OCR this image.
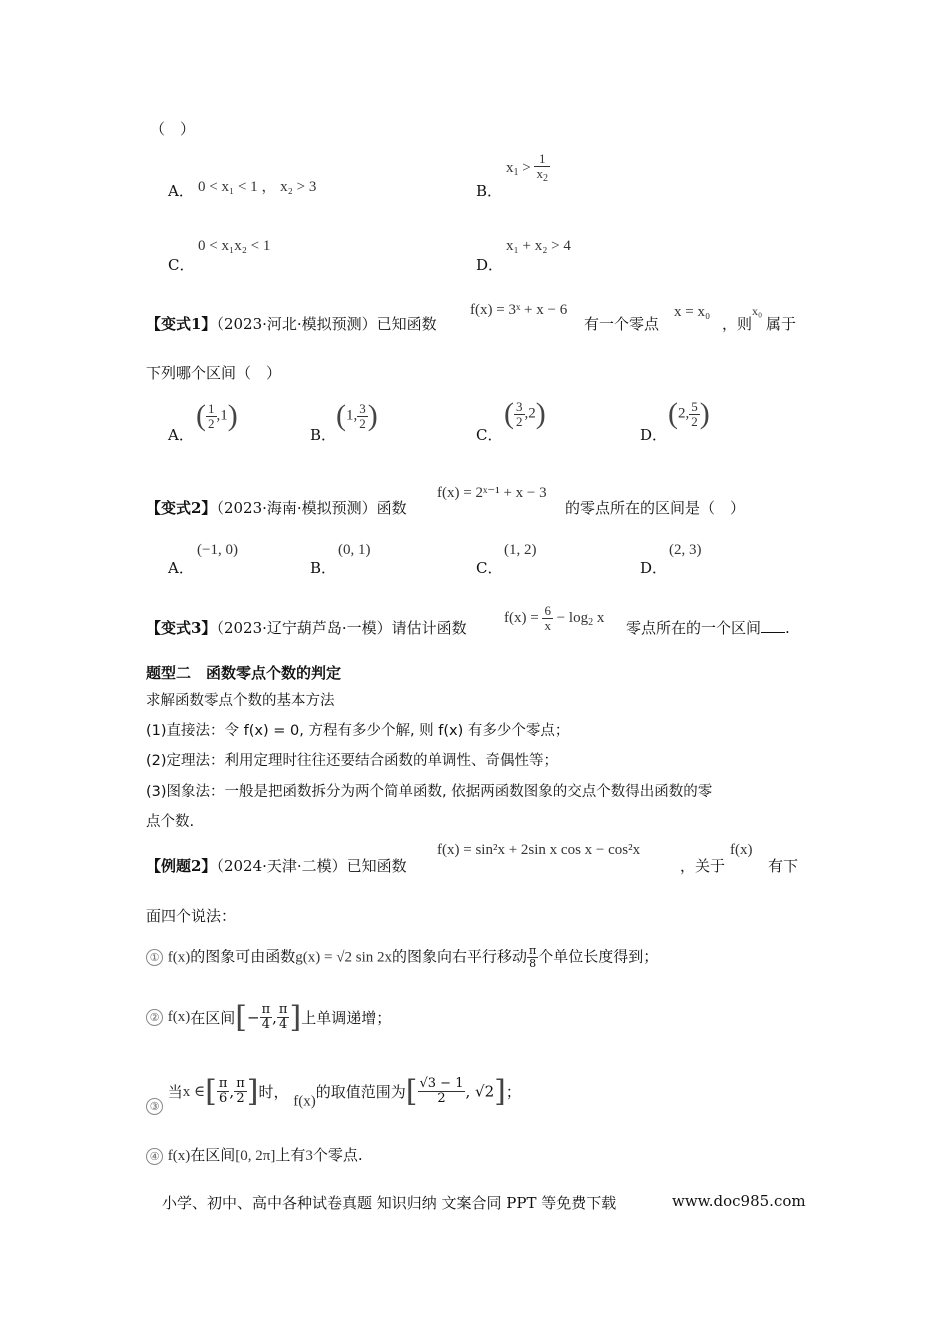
（　）
A． 0 < x₁ < 1 ， x₂ > 3	B．
$x_1 > \frac{1}{x_2}$
C．
0 < x₁x₂ < 1
D．
x₁ + x₂ > 4
【变式1】（2023·河北·模拟预测）已知函数
f(x) = 3ˣ + x − 6
有一个零点
x = x₀
，则
x₀
属于
下列哪个区间（　）
A．
( $\frac{1}{2} ,1$)
B．
(1, $\frac{3}{2}$ )
C．
( $\frac{3}{2} ,2$)
D．
(2, $\frac{5}{2}$ )
【变式2】（2023·海南·模拟预测）函数
f(x) = 2ˣ⁻¹ + x − 3
的零点所在的区间是（　）
A．
(−1, 0)
B．
(0, 1)
C．
(1, 2)
D．
(2, 3)
【变式3】（2023·辽宁葫芦岛·一模）请估计函数
$f(x) = \frac{6}{x} - \log_2 x$
零点所在的一个区间 .
题型二　函数零点个数的判定
求解函数零点个数的基本方法
(1)直接法：令 f(x) = 0, 方程有多少个解, 则 f(x) 有多少个零点；
(2)定理法：利用定理时往往还要结合函数的单调性、奇偶性等；
(3)图象法：一般是把函数拆分为两个简单函数, 依据两函数图象的交点个数得出函数的零
点个数.
【例题2】（2024·天津·二模）已知函数
f(x) = sin²x + 2sin x cos x − cos²x
，关于
f(x)
有下
面四个说法：
① f(x)的图象可由函数g(x) = √2 sin 2x的图象向右平行移动 $\frac{\pi}{8}$ 个单位长度得到；
② f(x)在区间[− $\frac{\pi}{4}$ , $\frac{\pi}{4}$ ]上单调递增；
③ 当x ∈[ $\frac{\pi}{6}$ , $\frac{\pi}{2}$ ]时， f(x)的取值范围为[ $\frac{√3 - 1}{2}$ , √2]；
④ f(x)在区间[0, 2π]上有3个零点.
小学、初中、高中各种试卷真题 知识归纳 文案合同 PPT 等免费下载	www.doc985.com
